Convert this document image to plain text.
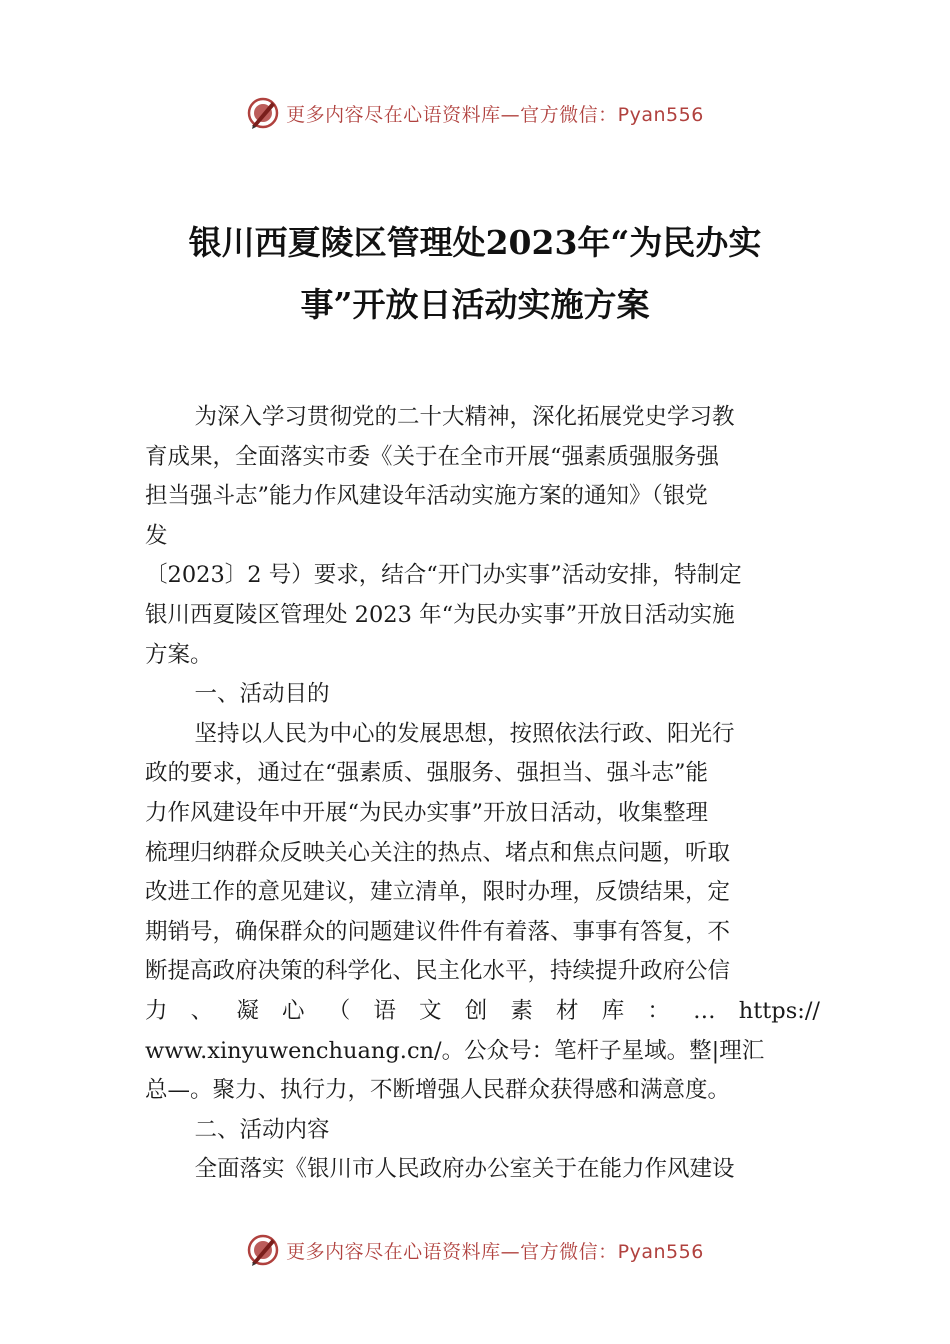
更多内容尽在心语资料库—官方微信：Pyan556
银川西夏陵区管理处2023年“为民办实
事”开放日活动实施方案
为深入学习贯彻党的二十大精神，深化拓展党史学习教
育成果，全面落实市委《关于在全市开展“强素质强服务强
担当强斗志”能力作风建设年活动实施方案的通知》（银党
发
〔2023〕2 号）要求，结合“开门办实事”活动安排，特制定
银川西夏陵区管理处 2023 年“为民办实事”开放日活动实施
方案。
一、活动目的
坚持以人民为中心的发展思想，按照依法行政、阳光行
政的要求，通过在“强素质、强服务、强担当、强斗志”能
力作风建设年中开展“为民办实事”开放日活动，收集整理
梳理归纳群众反映关心关注的热点、堵点和焦点问题，听取
改进工作的意见建议，建立清单，限时办理，反馈结果，定
期销号，确保群众的问题建议件件有着落、事事有答复，不
断提高政府决策的科学化、民主化水平，持续提升政府公信
力 、 凝 心 （ 语 文 创 素 材 库 ： … https://
www.xinyuwenchuang.cn/。公众号：笔杆子星域。整|理汇
总—。聚力、执行力，不断增强人民群众获得感和满意度。
二、活动内容
全面落实《银川市人民政府办公室关于在能力作风建设
更多内容尽在心语资料库—官方微信：Pyan556
